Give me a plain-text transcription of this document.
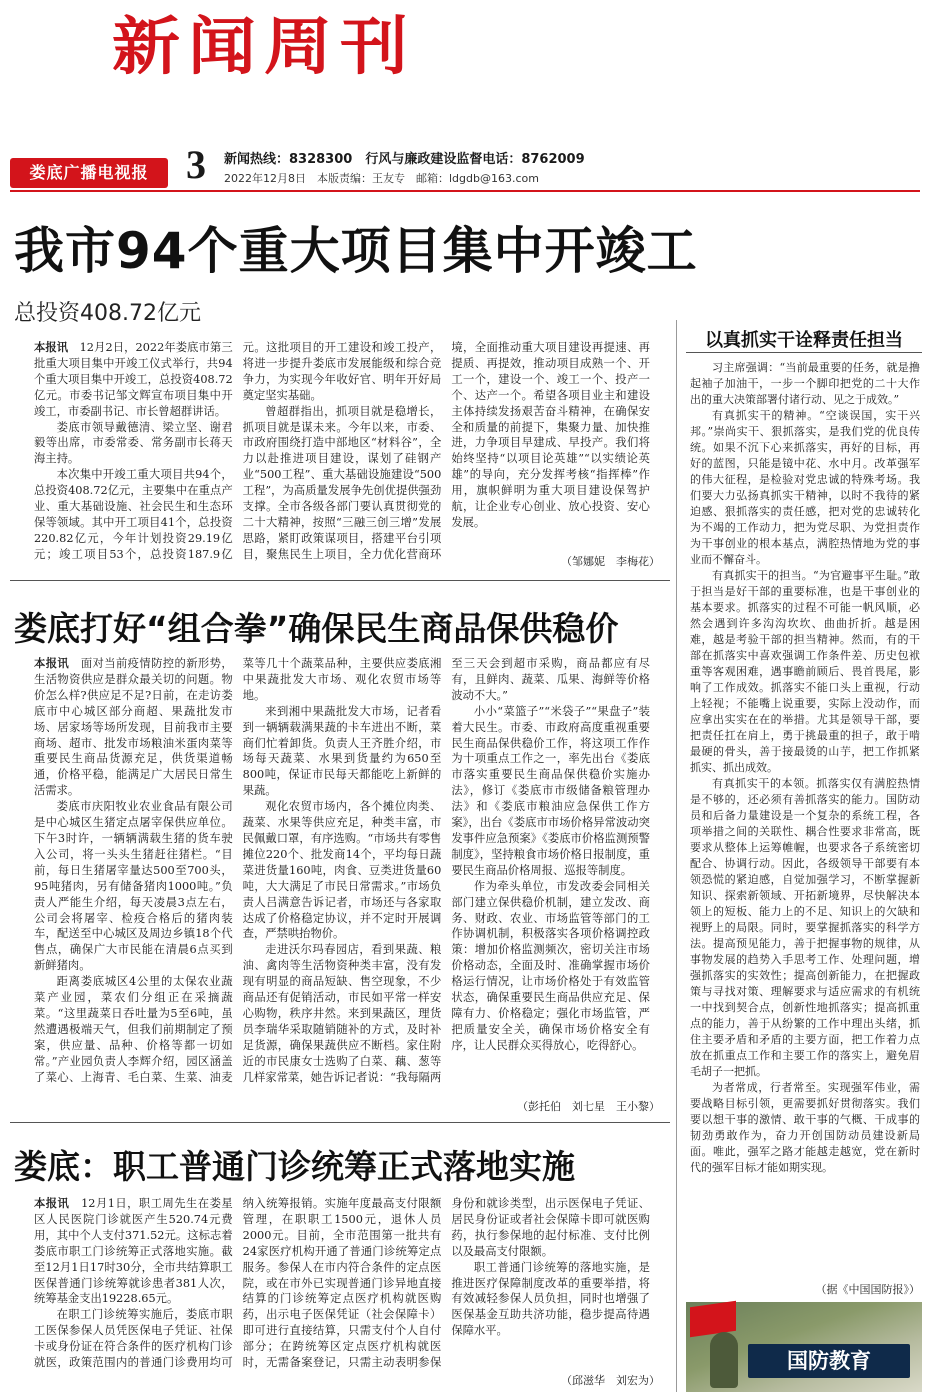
新闻周刊
娄底广播电视报 3 新闻热线：8328300　行风与廉政建设监督电话：8762009
2022年12月8日　本版责编：王友专　邮箱：ldgdb@163.com
我市94个重大项目集中开竣工
总投资408.72亿元

本报讯　 12月2日，2022年娄底市第三批重大项目集中开竣工仪式举行，共94个重大项目集中开竣工，总投资408.72亿元。市委书记邹文辉宣布项目集中开竣工，市委副书记、市长曾超群讲话。

娄底市领导戴德清、梁立坚、谢君毅等出席，市委常委、常务副市长蒋天海主持。

本次集中开竣工重大项目共94个，总投资408.72亿元，主要集中在重点产业、重大基础设施、社会民生和生态环保等领域。其中开工项目41个，总投资220.82亿元，今年计划投资29.19亿元；竣工项目53个，总投资187.9亿元。这批项目的开工建设和竣工投产，将进一步提升娄底市发展能级和综合竞争力，为实现今年收好官、明年开好局奠定坚实基础。

曾超群指出，抓项目就是稳增长，抓项目就是谋未来。今年以来，市委、市政府围绕打造中部地区“材料谷”，全力以赴推进项目建设，谋划了硅钢产业“500工程”、重大基础设施建设“500工程”，为高质量发展争先创优提供强劲支撑。全市各级各部门要认真贯彻党的二十大精神，按照“三融三创三增”发展思路，紧盯政策谋项目，搭建平台引项目，聚焦民生上项目，全力优化营商环境，全面推动重大项目建设再提速、再提质、再提效，推动项目成熟一个、开工一个，建设一个、竣工一个、投产一个、达产一个。希望各项目业主和建设主体持续发扬艰苦奋斗精神，在确保安全和质量的前提下，集聚力量、加快推进，力争项目早建成、早投产。我们将始终坚持“以项目论英雄”“以实绩论英雄”的导向，充分发挥考核“指挥棒”作用，旗帜鲜明为重大项目建设保驾护航，让企业专心创业、放心投资、安心发展。

（邹娜妮　李梅花）
娄底打好“组合拳”确保民生商品保供稳价

本报讯　 面对当前疫情防控的新形势，生活物资供应是群众最关切的问题。物价怎么样?供应足不足?日前，在走访娄底市中心城区部分商超、果蔬批发市场、居家场等场所发现，目前我市主要商场、超市、批发市场粮油米蛋肉菜等重要民生商品货源充足，供货渠道畅通，价格平稳，能满足广大居民日常生活需求。

娄底市庆阳牧业农业食品有限公司是中心城区生猪定点屠宰保供应单位。下午3时许，一辆辆满载生猪的货车驶入公司，将一头头生猪赶往猪栏。“目前，每日生猪屠宰量达500至700头，95吨猪肉，另有储备猪肉1000吨。”负责人严能生介绍，每天凌晨3点左右，公司会将屠宰、检疫合格后的猪肉装车，配送至中心城区及周边乡镇18个代售点，确保广大市民能在清晨6点买到新鲜猪肉。

距离娄底城区4公里的太保农业蔬菜产业园，菜农们分组正在采摘蔬菜。“这里蔬菜日吞吐量为5至6吨，虽然遭遇极端天气，但我们前期制定了预案，供应量、品种、价格等都一切如常。”产业园负责人李辉介绍，园区涵盖了菜心、上海青、毛白菜、生菜、油麦菜等几十个蔬菜品种，主要供应娄底湘中果蔬批发大市场、观化农贸市场等地。

来到湘中果蔬批发大市场，记者看到一辆辆载满果蔬的卡车进出不断，菜商们忙着卸货。负责人王齐胜介绍，市场每天蔬菜、水果到货量约为650至800吨，保证市民每天都能吃上新鲜的果蔬。

观化农贸市场内，各个摊位肉类、蔬菜、水果等供应充足，种类丰富，市民佩戴口罩，有序选购。“市场共有零售摊位220个、批发商14个，平均每日蔬菜进货量160吨，肉食、豆类进货量60吨，大大满足了市民日常需求。”市场负责人吕满意告诉记者，市场还与各家取达成了价格稳定协议，并不定时开展调查，严禁哄抬物价。

走进沃尔玛春园店，看到果蔬、粮油、禽肉等生活物资种类丰富，没有发现有明显的商品短缺、售空现象，不少商品还有促销活动，市民如平常一样安心购物，秩序井然。来到果蔬区，理货员李瑞华采取随销随补的方式，及时补足货源，确保果蔬供应不断档。家住附近的市民康女士选购了白菜、藕、葱等几样家常菜，她告诉记者说：“我每隔两至三天会到超市采购，商品都应有尽有，且鲜肉、蔬菜、瓜果、海鲜等价格波动不大。”

小小“菜篮子”“米袋子”“果盘子”装着大民生。市委、市政府高度重视重要民生商品保供稳价工作，将这项工作作为十项重点工作之一，率先出台《娄底市落实重要民生商品保供稳价实施办法》，修订《娄底市市级储备粮管理办法》和《娄底市粮油应急保供工作方案》，出台《娄底市市场价格异常波动突发事件应急预案》《娄底市价格监测预警制度》，坚持粮食市场价格日报制度，重要民生商品价格周报、巡报等制度。

作为牵头单位，市发改委会同相关部门建立保供稳价机制，建立发改、商务、财政、农业、市场监管等部门的工作协调机制，积极落实各项价格调控政策：增加价格监测频次，密切关注市场价格动态，全面及时、准确掌握市场价格运行情况，让市场价格处于有效监管状态，确保重要民生商品供应充足、保障有力、价格稳定；强化市场监管，严把质量安全关，确保市场价格安全有序，让人民群众买得放心，吃得舒心。

（彭托伯　刘七星　王小黎）
娄底：职工普通门诊统筹正式落地实施

本报讯　 12月1日，职工周先生在娄星区人民医院门诊就医产生520.74元费用，其中个人支付371.52元。这标志着娄底市职工门诊统筹正式落地实施。截至12月1日17时30分，全市共结算职工医保普通门诊统筹就诊患者381人次，统筹基金支出19228.65元。

在职工门诊统筹实施后，娄底市职工医保参保人员凭医保电子凭证、社保卡或身份证在符合条件的医疗机构门诊就医，政策范围内的普通门诊费用均可纳入统筹报销。实施年度最高支付限额管理，在职职工1500元，退休人员2000元。目前，全市范围第一批共有24家医疗机构开通了普通门诊统筹定点服务。参保人在市内符合条件的定点医院，或在市外已实现普通门诊异地直接结算的门诊统筹定点医疗机构就医购药，出示电子医保凭证（社会保障卡）即可进行直接结算，只需支付个人自付部分；在跨统筹区定点医疗机构就医时，无需备案登记，只需主动表明参保身份和就诊类型，出示医保电子凭证、居民身份证或者社会保障卡即可就医购药，执行参保地的起付标准、支付比例以及最高支付限额。

职工普通门诊统筹的落地实施，是推进医疗保障制度改革的重要举措，将有效减轻参保人员负担，同时也增强了医保基金互助共济功能，稳步提高待遇保障水平。

（邱滋华　刘宏为）
以真抓实干诠释责任担当

习主席强调：“当前最重要的任务，就是撸起袖子加油干，一步一个脚印把党的二十大作出的重大决策部署付诸行动、见之于成效。”

有真抓实干的精神。“空谈误国，实干兴邦。”崇尚实干、狠抓落实，是我们党的优良传统。如果不沉下心来抓落实，再好的目标，再好的蓝图，只能是镜中花、水中月。改革强军的伟大征程，是检验对党忠诚的特殊考场。我们要大力弘扬真抓实干精神，以时不我待的紧迫感、狠抓落实的责任感，把对党的忠诚转化为不竭的工作动力，把为党尽职、为党担责作为干事创业的根本基点，满腔热情地为党的事业而不懈奋斗。

有真抓实干的担当。“为官避事平生耻。”敢于担当是好干部的重要标准，也是干事创业的基本要求。抓落实的过程不可能一帆风顺，必然会遇到许多沟沟坎坎、曲曲折折。越是困难，越是考验干部的担当精神。然而，有的干部在抓落实中喜欢强调工作条件差、历史包袱重等客观困难，遇事瞻前顾后、畏首畏尾，影响了工作成效。抓落实不能口头上重视，行动上轻视；不能嘴上说重要，实际上没动作，而应拿出实实在在的举措。尤其是领导干部，要把责任扛在肩上，勇于挑最重的担子，敢于啃最硬的骨头，善于接最烫的山芋，把工作抓紧抓实、抓出成效。

有真抓实干的本领。抓落实仅有满腔热情是不够的，还必须有善抓落实的能力。国防动员和后备力量建设是一个复杂的系统工程，各项举措之间的关联性、耦合性要求非常高，既要求从整体上运筹帷幄，也要求各子系统密切配合、协调行动。因此，各级领导干部要有本领恐慌的紧迫感，自觉加强学习，不断掌握新知识、探索新领域、开拓新境界，尽快解决本领上的短板、能力上的不足、知识上的欠缺和视野上的局限。同时，要掌握抓落实的科学方法。提高预见能力，善于把握事物的规律，从事物发展的趋势入手思考工作、处理问题，增强抓落实的实效性；提高创新能力，在把握政策与寻找对策、理解要求与适应需求的有机统一中找到契合点，创新性地抓落实；提高抓重点的能力，善于从纷繁的工作中理出头绪，抓住主要矛盾和矛盾的主要方面，把工作着力点放在抓重点工作和主要工作的落实上，避免眉毛胡子一把抓。

为者常成，行者常至。实现强军伟业，需要战略目标引领，更需要抓好贯彻落实。我们要以想干事的激情、敢干事的气概、干成事的韧劲勇敢作为，奋力开创国防动员建设新局面。唯此，强军之路才能越走越宽，党在新时代的强军目标才能如期实现。

（据《中国国防报》）
国防教育
